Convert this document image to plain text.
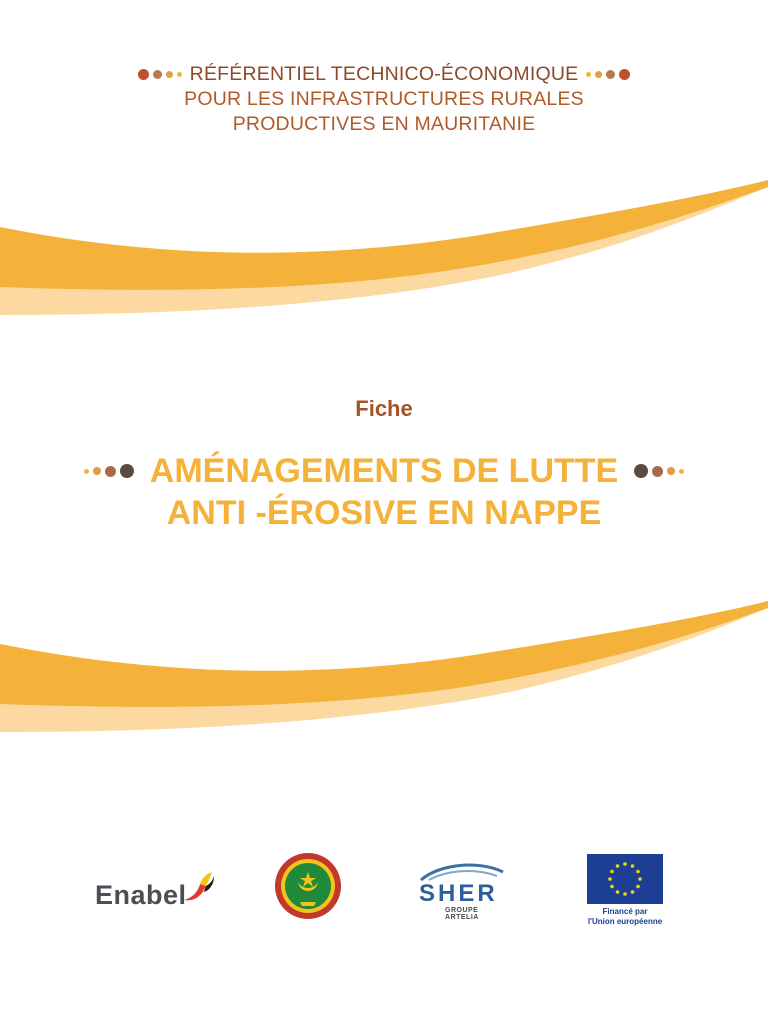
RÉFÉRENTIEL TECHNICO-ÉCONOMIQUE
POUR LES INFRASTRUCTURES RURALES
PRODUCTIVES EN MAURITANIE
Fiche
AMÉNAGEMENTS DE LUTTE
ANTI -ÉROSIVE EN NAPPE
Enabel	SHER
GROUPE ARTELIA
Financé par
l'Union européenne
